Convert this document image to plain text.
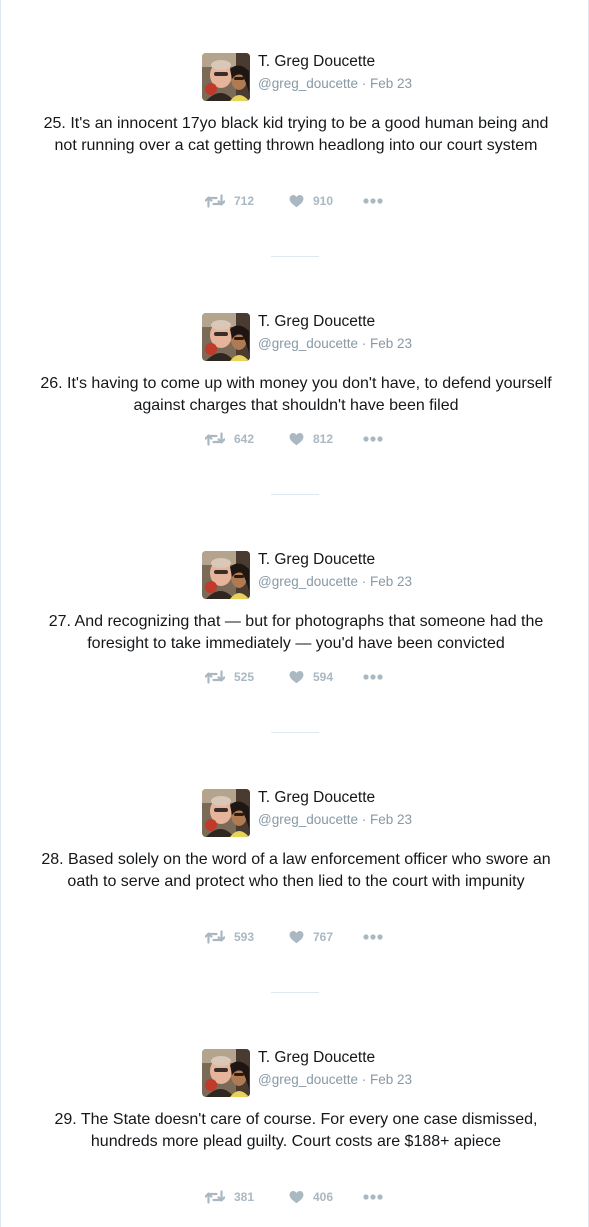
T. Greg Doucette
@greg_doucette · Feb 23
25. It's an innocent 17yo black kid trying to be a good human being and not running over a cat getting thrown headlong into our court system
712	910
T. Greg Doucette
@greg_doucette · Feb 23
26. It's having to come up with money you don't have, to defend yourself against charges that shouldn't have been filed
642	812
T. Greg Doucette
@greg_doucette · Feb 23
27. And recognizing that — but for photographs that someone had the foresight to take immediately — you'd have been convicted
525	594
T. Greg Doucette
@greg_doucette · Feb 23
28. Based solely on the word of a law enforcement officer who swore an oath to serve and protect who then lied to the court with impunity
593	767
T. Greg Doucette
@greg_doucette · Feb 23
29. The State doesn't care of course. For every one case dismissed, hundreds more plead guilty. Court costs are $188+ apiece
381	406
